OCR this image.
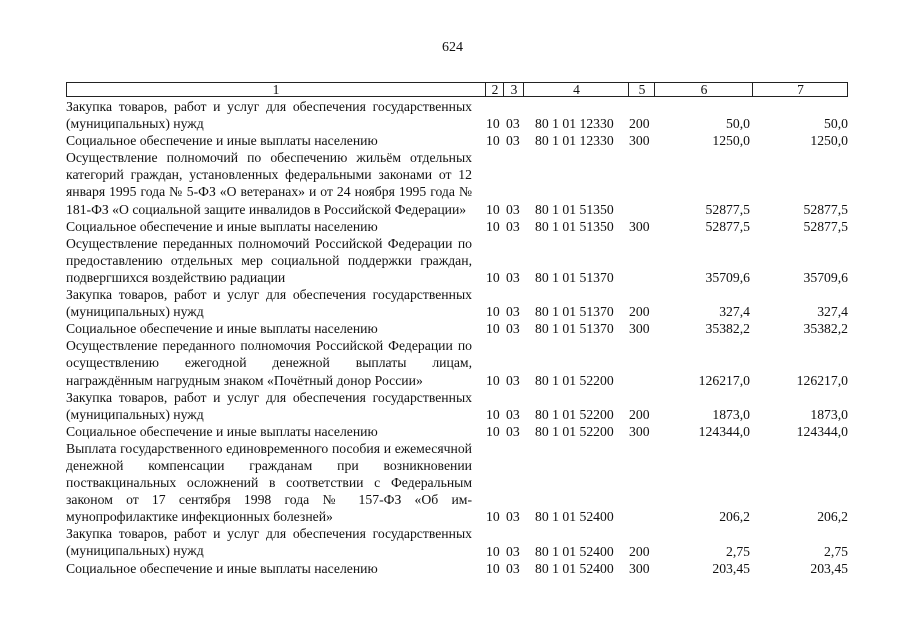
624
1	2 3	4	5	6	7
Закупка товаров, работ и услуг для обеспечения государственных (муниципальных) нужд	10 03 80 1 01 12330 200	50,0	50,0
Социальное обеспечение и иные выплаты населению	10 03 80 1 01 12330 300	1250,0	1250,0
Осуществление полномочий по обеспечению жильём отдельных категорий граждан, установленных федеральными законами от 12 января 1995 года № 5-ФЗ «О ветеранах» и от 24 ноября 1995 года № 181-ФЗ «О социальной защите инвалидов в Российской Федерации»	10 03 80 1 01 51350	52877,5	52877,5
Социальное обеспечение и иные выплаты населению	10 03 80 1 01 51350 300	52877,5	52877,5
Осуществление переданных полномочий Российской Федерации по предоставлению отдельных мер социальной поддержки граждан, подвергшихся воздействию радиации	10 03 80 1 01 51370	35709,6	35709,6
Закупка товаров, работ и услуг для обеспечения государственных (муниципальных) нужд	10 03 80 1 01 51370 200	327,4	327,4
Социальное обеспечение и иные выплаты населению	10 03 80 1 01 51370 300	35382,2	35382,2
Осуществление переданного полномочия Российской Федерации по осуществлению ежегодной денежной выплаты лицам, награждённым нагрудным знаком «Почётный донор России»	10 03 80 1 01 52200	126217,0	126217,0
Закупка товаров, работ и услуг для обеспечения государственных (муниципальных) нужд	10 03 80 1 01 52200 200	1873,0	1873,0
Социальное обеспечение и иные выплаты населению	10 03 80 1 01 52200 300	124344,0	124344,0
Выплата государственного единовременного пособия и ежемесячной денежной компенсации гражданам при возникновении поствакцинальных осложнений в соответствии с Федеральным законом от 17 сентября 1998 года № 157-ФЗ «Об иммунопрофилактике инфекционных болезней»	10 03 80 1 01 52400	206,2	206,2
Закупка товаров, работ и услуг для обеспечения государственных (муниципальных) нужд	10 03 80 1 01 52400 200	2,75	2,75
Социальное обеспечение и иные выплаты населению	10 03 80 1 01 52400 300	203,45	203,45
